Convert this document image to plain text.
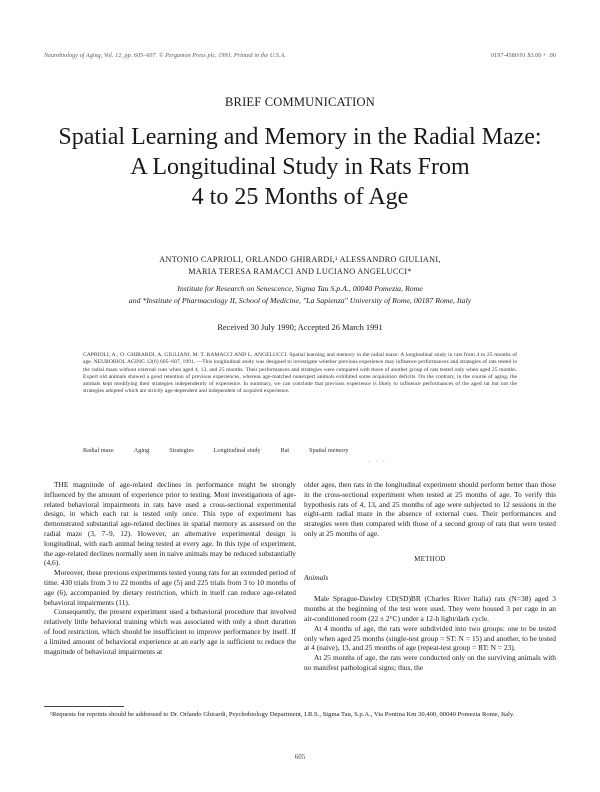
Neurobiology of Aging, Vol. 12, pp. 605–607. © Pergamon Press plc, 1991. Printed in the U.S.A.	0197-4580/91 $3.00 + .00
BRIEF COMMUNICATION
Spatial Learning and Memory in the Radial Maze:
A Longitudinal Study in Rats From
4 to 25 Months of Age
ANTONIO CAPRIOLI, ORLANDO GHIRARDI,¹ ALESSANDRO GIULIANI,
MARIA TERESA RAMACCI AND LUCIANO ANGELUCCI*
Institute for Research on Senescence, Sigma Tau S.p.A., 00040 Pomezia, Rome
and *Institute of Pharmacology II, School of Medicine, "La Sapienza" University of Rome, 00187 Rome, Italy
Received 30 July 1990; Accepted 26 March 1991

CAPRIOLI, A., O. GHIRARDI, A. GIULIANI, M. T. RAMACCI AND L. ANGELUCCI. Spatial learning and memory in the radial maze: A longitudinal study in rats from 4 to 25 months of age. NEUROBIOL AGING 12(6) 605–607, 1991. —This longitudinal study was designed to investigate whether previous experience may influence performances and strategies of rats tested in the radial maze without external cues when aged 4, 13, and 25 months. Their performances and strategies were compared with those of another group of rats tested only when aged 25 months. Expert old animals showed a good retention of previous experiences, whereas age-matched nonexpert animals exhibited some acquisition deficits. On the contrary, in the course of aging, the animals kept modifying their strategies independently of experience. In summary, we can conclude that previous experience is likely to influence performances of the aged rat but not the strategies adopted which are strictly age-dependent and independent of acquired experience.

Radial maze	Aging	Strategies	Longitudinal study	Rat	Spatial memory
· · ·

THE magnitude of age-related declines in performance might be strongly influenced by the amount of experience prior to testing. Most investigations of age-related behavioral impairments in rats have used a cross-sectional experimental design, in which each rat is tested only once. This type of experiment has demonstrated substantial age-related declines in spatial memory as assessed on the radial maze (3, 7–9, 12). However, an alternative experimental design is longitudinal, with each animal being tested at every age. In this type of experiment, the age-related declines normally seen in naive animals may be reduced substantially (4,6).

Moreover, these previous experiments tested young rats for an extended period of time. 430 trials from 3 to 22 months of age (5) and 225 trials from 3 to 10 months of age (6), accompanied by dietary restriction, which in itself can reduce age-related behavioral impairments (11).

Consequently, the present experiment used a behavioral procedure that involved relatively little behavioral training which was associated with only a short duration of food restriction, which should be insufficient to improve performance by itself. If a limited amount of behavioral experience at an early age is sufficient to reduce the magnitude of behavioral impairments at

older ages, then rats in the longitudinal experiment should perform better than those in the cross-sectional experiment when tested at 25 months of age. To verify this hypothesis rats of 4, 13, and 25 months of age were subjected to 12 sessions in the eight-arm radial maze in the absence of external cues. Their performances and strategies were then compared with those of a second group of rats that were tested only at 25 months of age.

METHOD

Animals

Male Sprague-Dawley CD(SD)BR (Charles River Italia) rats (N=38) aged 3 months at the beginning of the test were used. They were housed 3 per cage in an air-conditioned room (22 ± 2°C) under a 12-h light/dark cycle.

At 4 months of age, the rats were subdivided into two groups: one to be tested only when aged 25 months (single-test group = ST: N = 15) and another, to be tested at 4 (naive), 13, and 25 months of age (repeat-test group = RT: N = 23).

At 25 months of age, the rats were conducted only on the surviving animals with no manifest pathological signs; thus, the

¹Requests for reprints should be addressed to Dr. Orlando Ghirardi, Psychobiology Department, I.R.S., Sigma Tau, S.p.A., Via Pontina Km 30,400, 00040 Pomezia Rome, Italy.

605
